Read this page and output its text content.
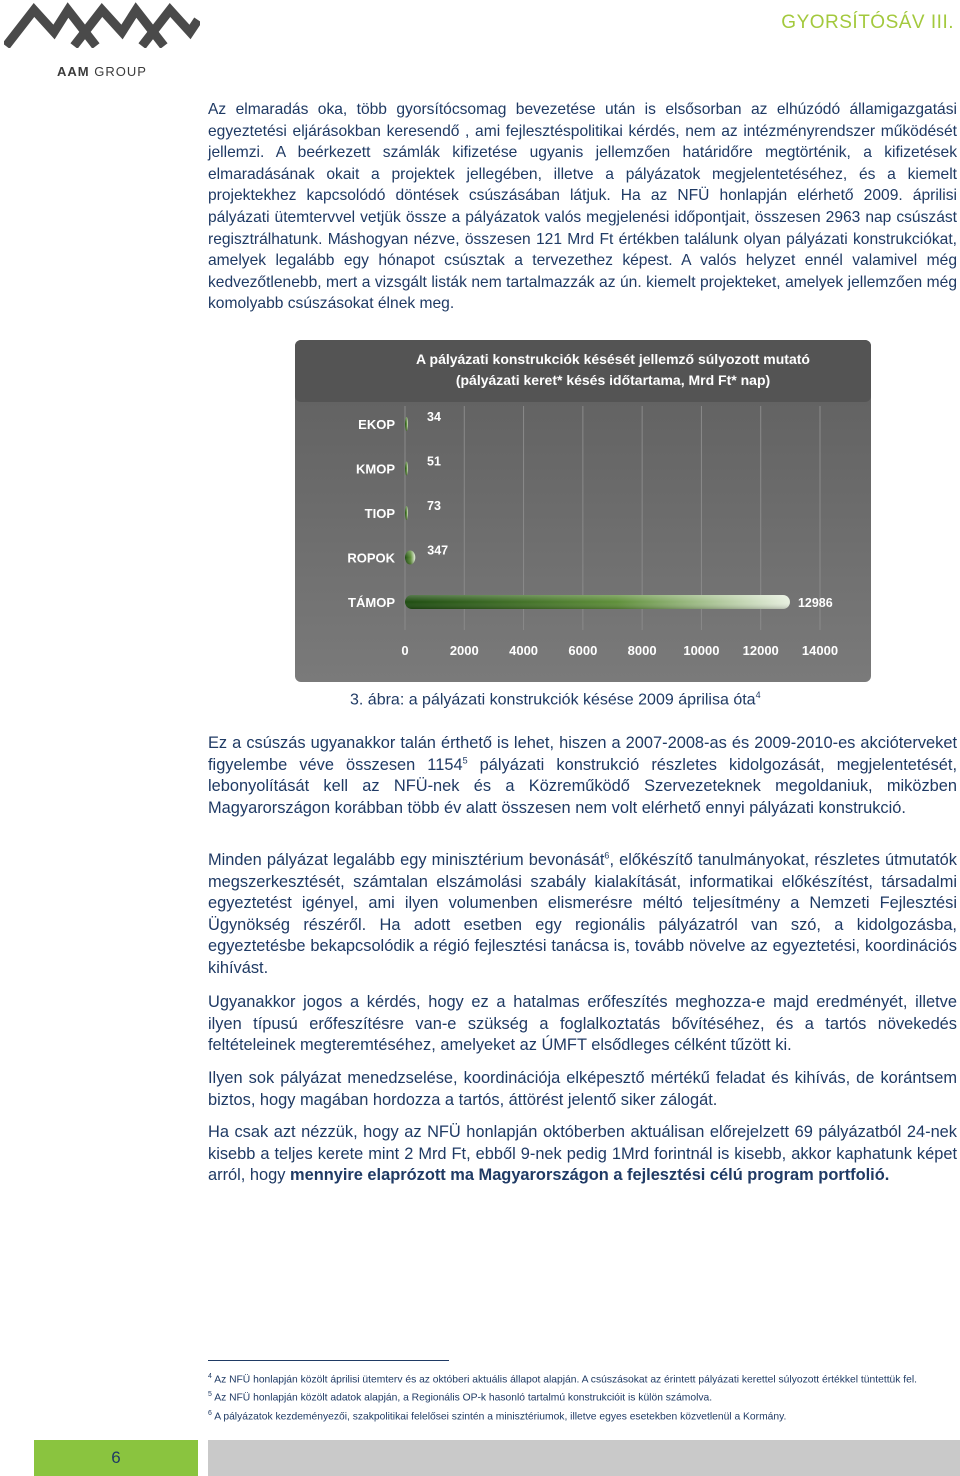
AAM GROUP
GYORSÍTÓSÁV III.
Az elmaradás oka, több gyorsítócsomag bevezetése után is elsősorban az elhúzódó államigazgatási egyeztetési eljárásokban keresendő , ami fejlesztéspolitikai kérdés, nem az intézményrendszer működését jellemzi. A beérkezett számlák kifizetése ugyanis jellemzően határidőre megtörténik, a kifizetések elmaradásának okait a projektek jellegében, illetve a pályázatok megjelentetéséhez, és a kiemelt projektekhez kapcsolódó döntések csúszásában látjuk. Ha az NFÜ honlapján elérhető 2009. áprilisi pályázati ütemtervvel vetjük össze a pályázatok valós megjelenési időpontjait, összesen 2963 nap csúszást regisztrálhatunk. Máshogyan nézve, összesen 121 Mrd Ft értékben találunk olyan pályázati konstrukciókat, amelyek legalább egy hónapot csúsztak a tervezethez képest. A valós helyzet ennél valamivel még kedvezőtlenebb, mert a vizsgált listák nem tartalmazzák az ún. kiemelt projekteket, amelyek jellemzően még komolyabb csúszásokat élnek meg.
A pályázati konstrukciók késését jellemző súlyozott mutató
(pályázati keret* késés időtartama, Mrd Ft* nap)
EKOP
KMOP
TIOP
ROPOK
TÁMOP
34
51
73
347
12986
0	2000 4000 6000 8000 10000 12000 14000
3. ábra: a pályázati konstrukciók késése 2009 áprilisa óta$^4$
Ez a csúszás ugyanakkor talán érthető is lehet, hiszen a 2007-2008-as és 2009-2010-es akcióterveket figyelembe véve összesen 1154$^5$ pályázati konstrukció részletes kidolgozását, megjelentetését, lebonyolítását kell az NFÜ-nek és a Közreműködő Szervezeteknek megoldaniuk, miközben Magyarországon korábban több év alatt összesen nem volt elérhető ennyi pályázati konstrukció.
Minden pályázat legalább egy minisztérium bevonását$^6$, előkészítő tanulmányokat, részletes útmutatók megszerkesztését, számtalan elszámolási szabály kialakítását, informatikai előkészítést, társadalmi egyeztetést igényel, ami ilyen volumenben elismerésre méltó teljesítmény a Nemzeti Fejlesztési Ügynökség részéről. Ha adott esetben egy regionális pályázatról van szó, a kidolgozásba, egyeztetésbe bekapcsolódik a régió fejlesztési tanácsa is, tovább növelve az egyeztetési, koordinációs kihívást.
Ugyanakkor jogos a kérdés, hogy ez a hatalmas erőfeszítés meghozza-e majd eredményét, illetve ilyen típusú erőfeszítésre van-e szükség a foglalkoztatás bővítéséhez, és a tartós növekedés feltételeinek megteremtéséhez, amelyeket az ÚMFT elsődleges célként tűzött ki.
Ilyen sok pályázat menedzselése, koordinációja elképesztő mértékű feladat és kihívás, de korántsem biztos, hogy magában hordozza a tartós, áttörést jelentő siker zálogát.
Ha csak azt nézzük, hogy az NFÜ honlapján októberben aktuálisan előrejelzett 69 pályázatból 24-nek kisebb a teljes kerete mint 2 Mrd Ft, ebből 9-nek pedig 1Mrd forintnál is kisebb, akkor kaphatunk képet arról, hogy mennyire elaprózott ma Magyarországon a fejlesztési célú program portfolió.
$^4$ Az NFÜ honlapján közölt áprilisi ütemterv és az októberi aktuális állapot alapján. A csúszásokat az érintett pályázati kerettel súlyozott értékkel tüntettük fel.
$^5$ Az NFÜ honlapján közölt adatok alapján, a Regionális OP-k hasonló tartalmú konstrukcióit is külön számolva.
$^6$ A pályázatok kezdeményezői, szakpolitikai felelősei szintén a minisztériumok, illetve egyes esetekben közvetlenül a Kormány.
6
